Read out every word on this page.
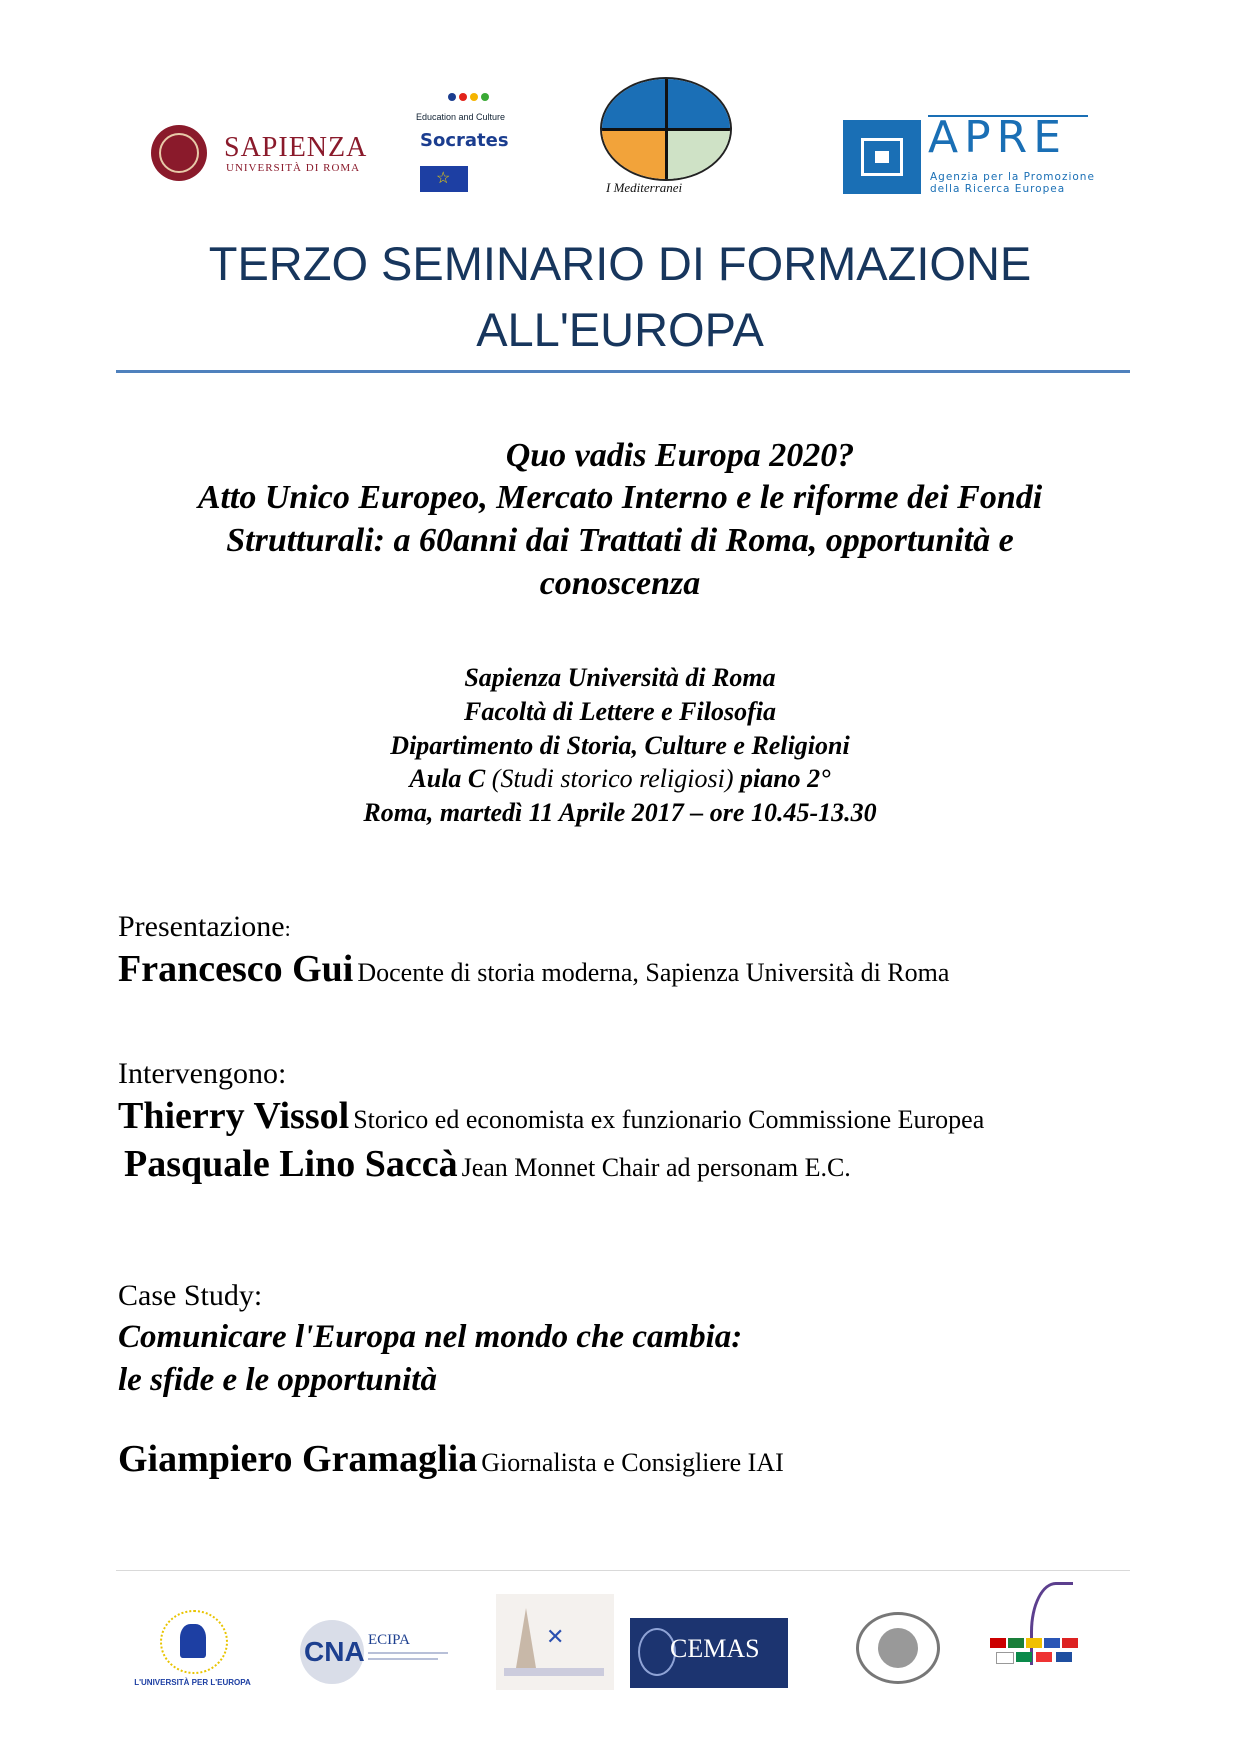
SAPIENZA
UNIVERSITÀ DI ROMA
Education and Culture
Socrates
☆
I Mediterranei
APRE
Agenzia per la Promozione
della Ricerca Europea
TERZO SEMINARIO DI FORMAZIONE
ALL'EUROPA
Quo vadis Europa 2020?
Atto Unico Europeo, Mercato Interno e le riforme dei Fondi
Strutturali: a 60anni dai Trattati di Roma, opportunità e
conoscenza
Sapienza Università di Roma
Facoltà di Lettere e Filosofia
Dipartimento di Storia, Culture e Religioni
Aula C (Studi storico religiosi) piano 2°
Roma, martedì 11 Aprile 2017 – ore 10.45-13.30
Presentazione:
Francesco Gui Docente di storia moderna, Sapienza Università di Roma
Intervengono:
Thierry Vissol Storico ed economista ex funzionario Commissione Europea
Pasquale Lino Saccà Jean Monnet Chair ad personam E.C.
Case Study:
Comunicare l'Europa nel mondo che cambia:
le sfide e le opportunità
Giampiero Gramaglia Giornalista e Consigliere IAI
L'UNIVERSITÀ PER L'EUROPA
CNA ECIPA	✕	CEMAS
